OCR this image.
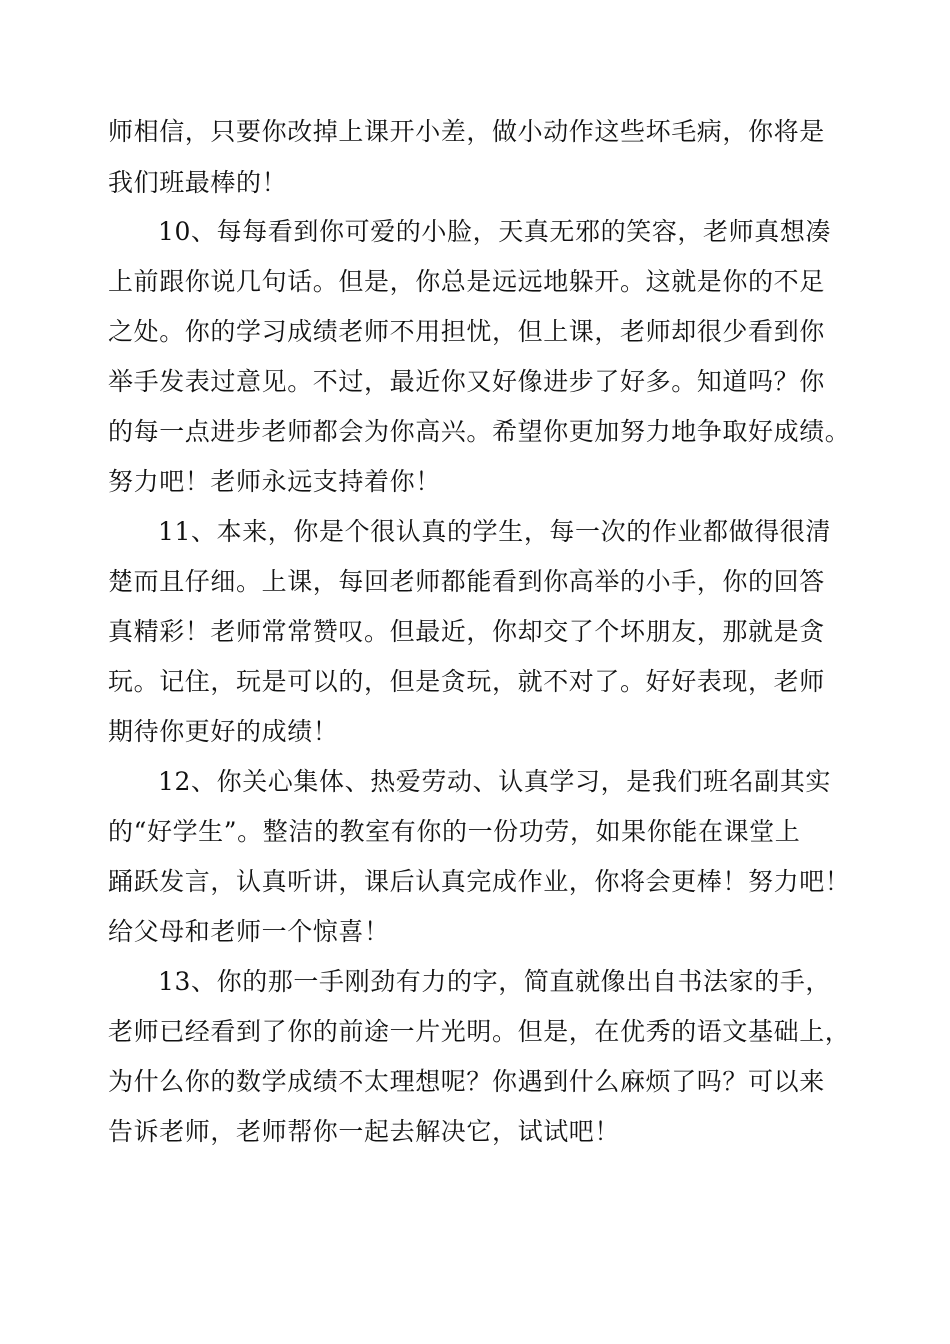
师相信，只要你改掉上课开小差，做小动作这些坏毛病，你将是
我们班最棒的！
10、每每看到你可爱的小脸，天真无邪的笑容，老师真想凑
上前跟你说几句话。但是，你总是远远地躲开。这就是你的不足
之处。你的学习成绩老师不用担忧，但上课，老师却很少看到你
举手发表过意见。不过，最近你又好像进步了好多。知道吗？你
的每一点进步老师都会为你高兴。希望你更加努力地争取好成绩。
努力吧！老师永远支持着你！
11、本来，你是个很认真的学生，每一次的作业都做得很清
楚而且仔细。上课，每回老师都能看到你高举的小手，你的回答
真精彩！老师常常赞叹。但最近，你却交了个坏朋友，那就是贪
玩。记住，玩是可以的，但是贪玩，就不对了。好好表现，老师
期待你更好的成绩！
12、你关心集体、热爱劳动、认真学习，是我们班名副其实
的“好学生”。整洁的教室有你的一份功劳，如果你能在课堂上
踊跃发言，认真听讲，课后认真完成作业，你将会更棒！努力吧！
给父母和老师一个惊喜！
13、你的那一手刚劲有力的字，简直就像出自书法家的手，
老师已经看到了你的前途一片光明。但是，在优秀的语文基础上，
为什么你的数学成绩不太理想呢？你遇到什么麻烦了吗？可以来
告诉老师，老师帮你一起去解决它，试试吧！
